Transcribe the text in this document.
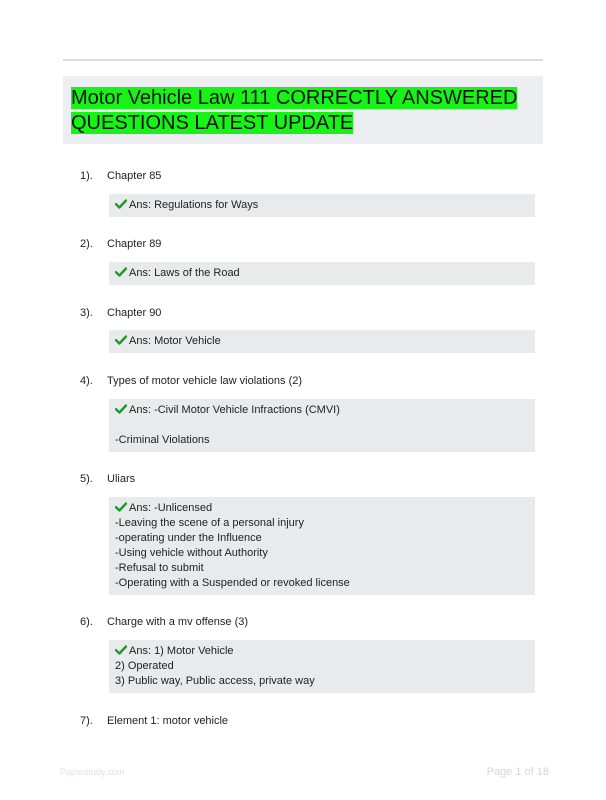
Motor Vehicle Law 111 CORRECTLY ANSWERED
QUESTIONS LATEST UPDATE
1).	Chapter 85
Ans: Regulations for Ways
2).	Chapter 89
Ans: Laws of the Road
3).	Chapter 90
Ans: Motor Vehicle
4).	Types of motor vehicle law violations (2)
Ans: -Civil Motor Vehicle Infractions (CMVI)
-Criminal Violations
5).	Uliars
Ans: -Unlicensed
-Leaving the scene of a personal injury
-operating under the Influence
-Using vehicle without Authority
-Refusal to submit
-Operating with a Suspended or revoked license
6).	Charge with a mv offense (3)
Ans: 1) Motor Vehicle
2) Operated
3) Public way, Public access, private way
7).	Element 1: motor vehicle
Paperstudy.com	Page 1 of 18
